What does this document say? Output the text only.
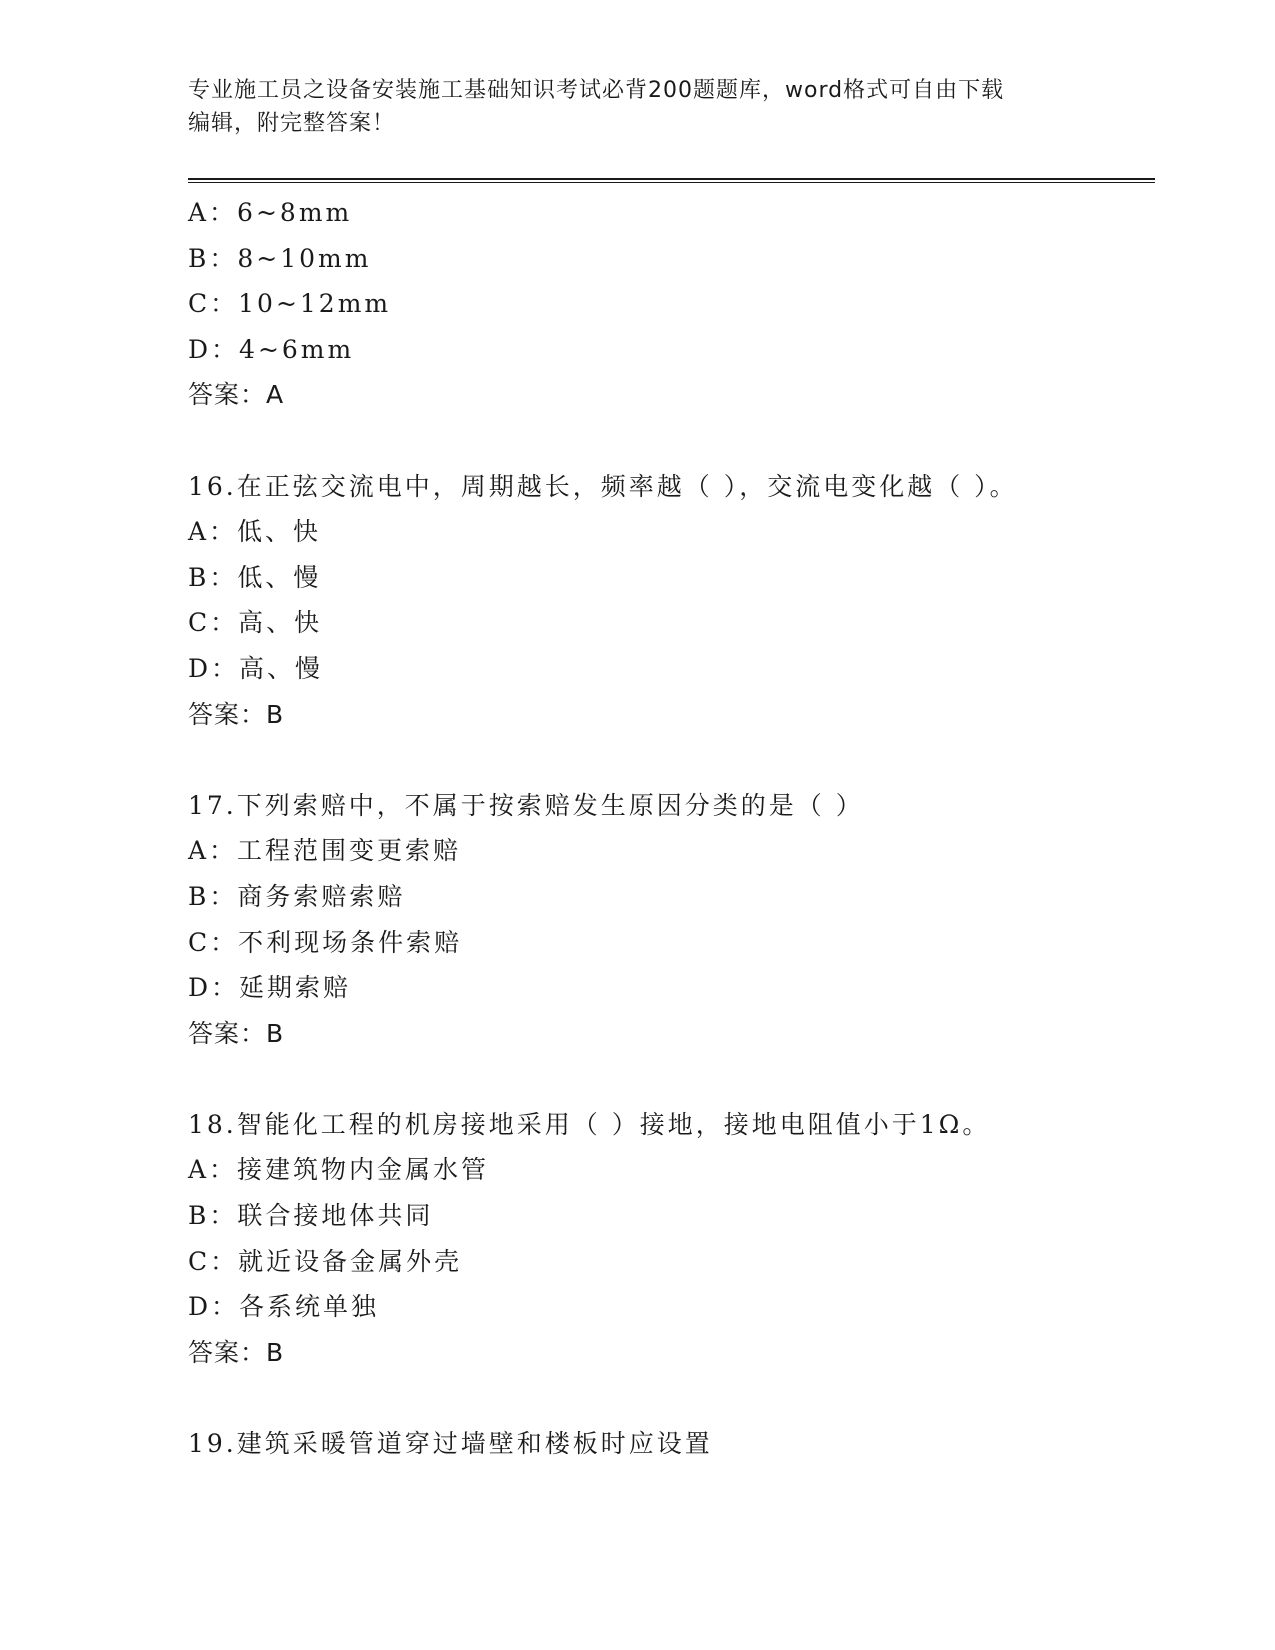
专业施工员之设备安装施工基础知识考试必背200题题库，word格式可自由下载
编辑，附完整答案！
A：6~8mm
B：8~10mm
C：10~12mm
D：4~6mm
答案：A
16.在正弦交流电中，周期越长，频率越（ ），交流电变化越（ ）。
A：低、快
B：低、慢
C：高、快
D：高、慢
答案：B
17.下列索赔中，不属于按索赔发生原因分类的是（ ）
A：工程范围变更索赔
B：商务索赔索赔
C：不利现场条件索赔
D：延期索赔
答案：B
18.智能化工程的机房接地采用（ ）接地，接地电阻值小于1Ω。
A：接建筑物内金属水管
B：联合接地体共同
C：就近设备金属外壳
D：各系统单独
答案：B
19.建筑采暖管道穿过墙壁和楼板时应设置
